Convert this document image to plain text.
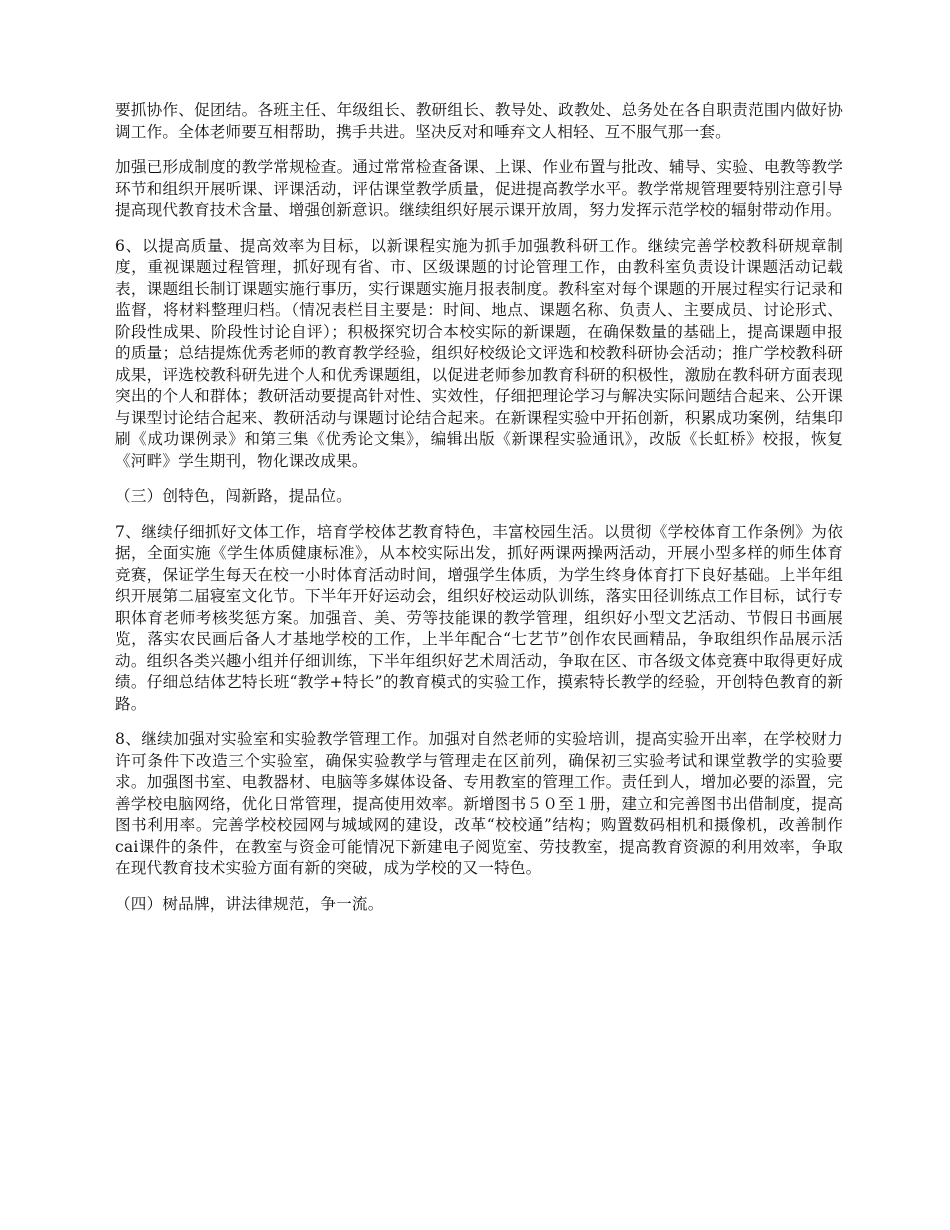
要抓协作、促团结。各班主任、年级组长、教研组长、教导处、政教处、总务处在各自职责范围内做好协调工作。全体老师要互相帮助，携手共进。坚决反对和唾弃文人相轻、互不服气那一套。

加强已形成制度的教学常规检查。通过常常检查备课、上课、作业布置与批改、辅导、实验、电教等教学环节和组织开展听课、评课活动，评估课堂教学质量，促进提高教学水平。教学常规管理要特别注意引导提高现代教育技术含量、增强创新意识。继续组织好展示课开放周，努力发挥示范学校的辐射带动作用。

6、以提高质量、提高效率为目标，以新课程实施为抓手加强教科研工作。继续完善学校教科研规章制度，重视课题过程管理，抓好现有省、市、区级课题的讨论管理工作，由教科室负责设计课题活动记载表，课题组长制订课题实施行事历，实行课题实施月报表制度。教科室对每个课题的开展过程实行记录和监督，将材料整理归档。（情况表栏目主要是：时间、地点、课题名称、负责人、主要成员、讨论形式、阶段性成果、阶段性讨论自评）；积极探究切合本校实际的新课题，在确保数量的基础上，提高课题申报的质量；总结提炼优秀老师的教育教学经验，组织好校级论文评选和校教科研协会活动；推广学校教科研成果，评选校教科研先进个人和优秀课题组，以促进老师参加教育科研的积极性，激励在教科研方面表现突出的个人和群体；教研活动要提高针对性、实效性，仔细把理论学习与解决实际问题结合起来、公开课与课型讨论结合起来、教研活动与课题讨论结合起来。在新课程实验中开拓创新，积累成功案例，结集印刷《成功课例录》和第三集《优秀论文集》，编辑出版《新课程实验通讯》，改版《长虹桥》校报，恢复《河畔》学生期刊，物化课改成果。

（三）创特色，闯新路，提品位。

7、继续仔细抓好文体工作，培育学校体艺教育特色，丰富校园生活。以贯彻《学校体育工作条例》为依据，全面实施《学生体质健康标准》，从本校实际出发，抓好两课两操两活动，开展小型多样的师生体育竞赛，保证学生每天在校一小时体育活动时间，增强学生体质，为学生终身体育打下良好基础。上半年组织开展第二届寝室文化节。下半年开好运动会，组织好校运动队训练，落实田径训练点工作目标，试行专职体育老师考核奖惩方案。加强音、美、劳等技能课的教学管理，组织好小型文艺活动、节假日书画展览，落实农民画后备人才基地学校的工作，上半年配合“七艺节”创作农民画精品，争取组织作品展示活动。组织各类兴趣小组并仔细训练，下半年组织好艺术周活动，争取在区、市各级文体竞赛中取得更好成绩。仔细总结体艺特长班“教学+特长”的教育模式的实验工作，摸索特长教学的经验，开创特色教育的新路。

8、继续加强对实验室和实验教学管理工作。加强对自然老师的实验培训，提高实验开出率，在学校财力许可条件下改造三个实验室，确保实验教学与管理走在区前列，确保初三实验考试和课堂教学的实验要求。加强图书室、电教器材、电脑等多媒体设备、专用教室的管理工作。责任到人，增加必要的添置，完善学校电脑网络，优化日常管理，提高使用效率。新增图书５０至１册，建立和完善图书出借制度，提高图书利用率。完善学校校园网与城域网的建设，改革“校校通”结构；购置数码相机和摄像机，改善制作cai课件的条件，在教室与资金可能情况下新建电子阅览室、劳技教室，提高教育资源的利用效率，争取在现代教育技术实验方面有新的突破，成为学校的又一特色。

（四）树品牌，讲法律规范，争一流。
